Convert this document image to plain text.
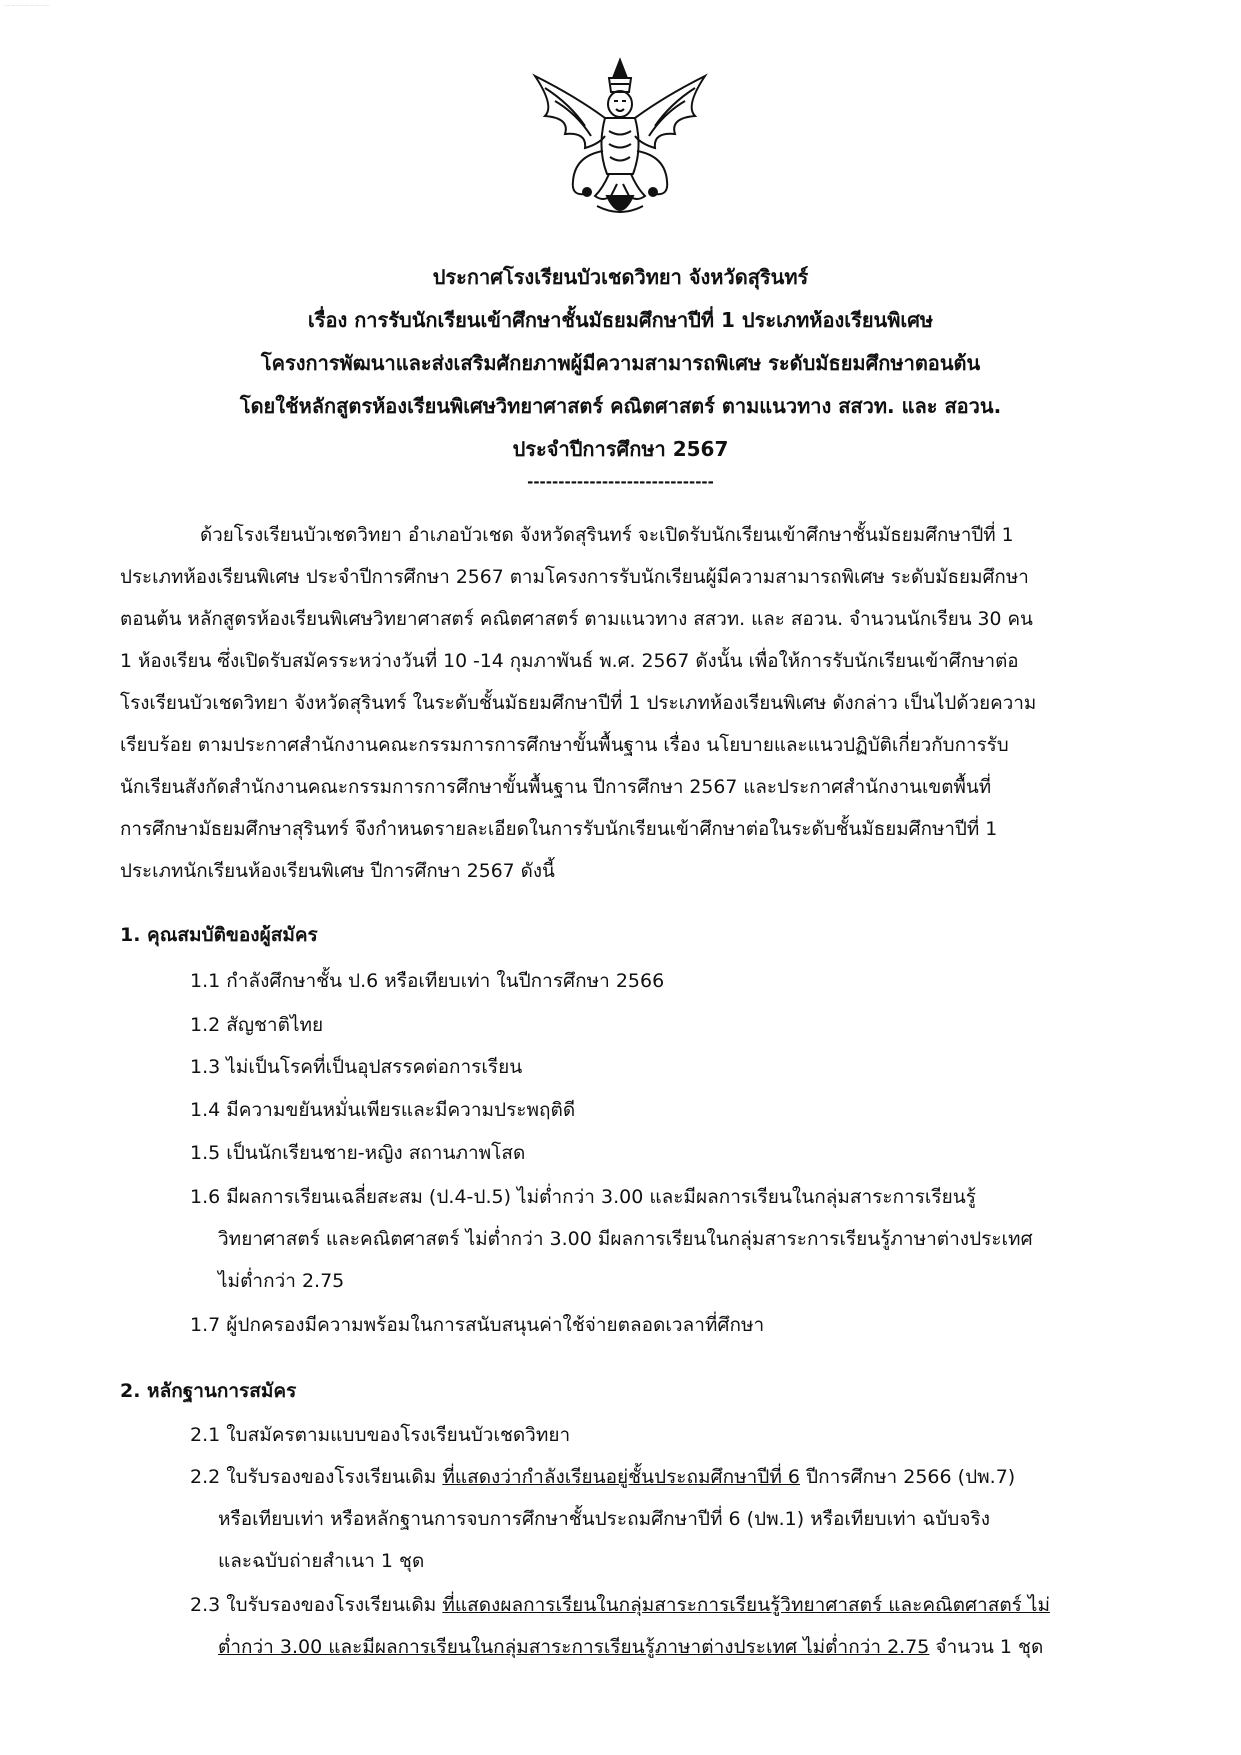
............................. ......
ประกาศโรงเรียนบัวเชดวิทยา จังหวัดสุรินทร์
เรื่อง การรับนักเรียนเข้าศึกษาชั้นมัธยมศึกษาปีที่ 1 ประเภทห้องเรียนพิเศษ
โครงการพัฒนาและส่งเสริมศักยภาพผู้มีความสามารถพิเศษ ระดับมัธยมศึกษาตอนต้น
โดยใช้หลักสูตรห้องเรียนพิเศษวิทยาศาสตร์ คณิตศาสตร์ ตามแนวทาง สสวท. และ สอวน.
ประจำปีการศึกษา 2567
------------------------------
ด้วยโรงเรียนบัวเชดวิทยา อำเภอบัวเชด จังหวัดสุรินทร์ จะเปิดรับนักเรียนเข้าศึกษาชั้นมัธยมศึกษาปีที่ 1
ประเภทห้องเรียนพิเศษ ประจำปีการศึกษา 2567 ตามโครงการรับนักเรียนผู้มีความสามารถพิเศษ ระดับมัธยมศึกษา
ตอนต้น หลักสูตรห้องเรียนพิเศษวิทยาศาสตร์ คณิตศาสตร์ ตามแนวทาง สสวท. และ สอวน. จำนวนนักเรียน 30 คน
1 ห้องเรียน ซึ่งเปิดรับสมัครระหว่างวันที่ 10 -14 กุมภาพันธ์ พ.ศ. 2567 ดังนั้น เพื่อให้การรับนักเรียนเข้าศึกษาต่อ
โรงเรียนบัวเชดวิทยา จังหวัดสุรินทร์ ในระดับชั้นมัธยมศึกษาปีที่ 1 ประเภทห้องเรียนพิเศษ ดังกล่าว เป็นไปด้วยความ
เรียบร้อย ตามประกาศสำนักงานคณะกรรมการการศึกษาขั้นพื้นฐาน เรื่อง นโยบายและแนวปฏิบัติเกี่ยวกับการรับ
นักเรียนสังกัดสำนักงานคณะกรรมการการศึกษาขั้นพื้นฐาน ปีการศึกษา 2567 และประกาศสำนักงานเขตพื้นที่
การศึกษามัธยมศึกษาสุรินทร์ จึงกำหนดรายละเอียดในการรับนักเรียนเข้าศึกษาต่อในระดับชั้นมัธยมศึกษาปีที่ 1
ประเภทนักเรียนห้องเรียนพิเศษ ปีการศึกษา 2567 ดังนี้
1. คุณสมบัติของผู้สมัคร
1.1 กำลังศึกษาชั้น ป.6 หรือเทียบเท่า ในปีการศึกษา 2566
1.2 สัญชาติไทย
1.3 ไม่เป็นโรคที่เป็นอุปสรรคต่อการเรียน
1.4 มีความขยันหมั่นเพียรและมีความประพฤติดี
1.5 เป็นนักเรียนชาย-หญิง สถานภาพโสด
1.6 มีผลการเรียนเฉลี่ยสะสม (ป.4-ป.5) ไม่ต่ำกว่า 3.00 และมีผลการเรียนในกลุ่มสาระการเรียนรู้
วิทยาศาสตร์ และคณิตศาสตร์ ไม่ต่ำกว่า 3.00 มีผลการเรียนในกลุ่มสาระการเรียนรู้ภาษาต่างประเทศ
ไม่ต่ำกว่า 2.75
1.7 ผู้ปกครองมีความพร้อมในการสนับสนุนค่าใช้จ่ายตลอดเวลาที่ศึกษา
2. หลักฐานการสมัคร
2.1 ใบสมัครตามแบบของโรงเรียนบัวเชดวิทยา
2.2 ใบรับรองของโรงเรียนเดิม ที่แสดงว่ากำลังเรียนอยู่ชั้นประถมศึกษาปีที่ 6 ปีการศึกษา 2566 (ปพ.7)
หรือเทียบเท่า หรือหลักฐานการจบการศึกษาชั้นประถมศึกษาปีที่ 6 (ปพ.1) หรือเทียบเท่า ฉบับจริง
และฉบับถ่ายสำเนา 1 ชุด
2.3 ใบรับรองของโรงเรียนเดิม ที่แสดงผลการเรียนในกลุ่มสาระการเรียนรู้วิทยาศาสตร์ และคณิตศาสตร์ ไม่
ต่ำกว่า 3.00 และมีผลการเรียนในกลุ่มสาระการเรียนรู้ภาษาต่างประเทศ ไม่ต่ำกว่า 2.75 จำนวน 1 ชุด
